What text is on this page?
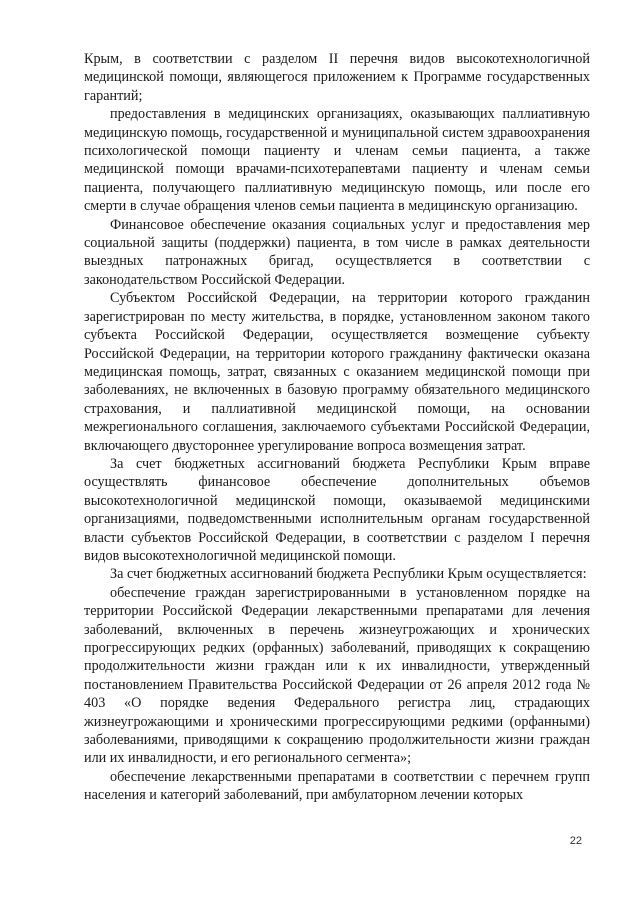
Крым, в соответствии с разделом II перечня видов высокотехнологичной медицинской помощи, являющегося приложением к Программе государственных гарантий;

предоставления в медицинских организациях, оказывающих паллиативную медицинскую помощь, государственной и муниципальной систем здравоохранения психологической помощи пациенту и членам семьи пациента, а также медицинской помощи врачами-психотерапевтами пациенту и членам семьи пациента, получающего паллиативную медицинскую помощь, или после его смерти в случае обращения членов семьи пациента в медицинскую организацию.

Финансовое обеспечение оказания социальных услуг и предоставления мер социальной защиты (поддержки) пациента, в том числе в рамках деятельности выездных патронажных бригад, осуществляется в соответствии с законодательством Российской Федерации.

Субъектом Российской Федерации, на территории которого гражданин зарегистрирован по месту жительства, в порядке, установленном законом такого субъекта Российской Федерации, осуществляется возмещение субъекту Российской Федерации, на территории которого гражданину фактически оказана медицинская помощь, затрат, связанных с оказанием медицинской помощи при заболеваниях, не включенных в базовую программу обязательного медицинского страхования, и паллиативной медицинской помощи, на основании межрегионального соглашения, заключаемого субъектами Российской Федерации, включающего двустороннее урегулирование вопроса возмещения затрат.

За счет бюджетных ассигнований бюджета Республики Крым вправе осуществлять финансовое обеспечение дополнительных объемов высокотехнологичной медицинской помощи, оказываемой медицинскими организациями, подведомственными исполнительным органам государственной власти субъектов Российской Федерации, в соответствии с разделом I перечня видов высокотехнологичной медицинской помощи.

За счет бюджетных ассигнований бюджета Республики Крым осуществляется:

обеспечение граждан зарегистрированными в установленном порядке на территории Российской Федерации лекарственными препаратами для лечения заболеваний, включенных в перечень жизнеугрожающих и хронических прогрессирующих редких (орфанных) заболеваний, приводящих к сокращению продолжительности жизни граждан или к их инвалидности, утвержденный постановлением Правительства Российской Федерации от 26 апреля 2012 года № 403 «О порядке ведения Федерального регистра лиц, страдающих жизнеугрожающими и хроническими прогрессирующими редкими (орфанными) заболеваниями, приводящими к сокращению продолжительности жизни граждан или их инвалидности, и его регионального сегмента»;

обеспечение лекарственными препаратами в соответствии с перечнем групп населения и категорий заболеваний, при амбулаторном лечении которых

22
